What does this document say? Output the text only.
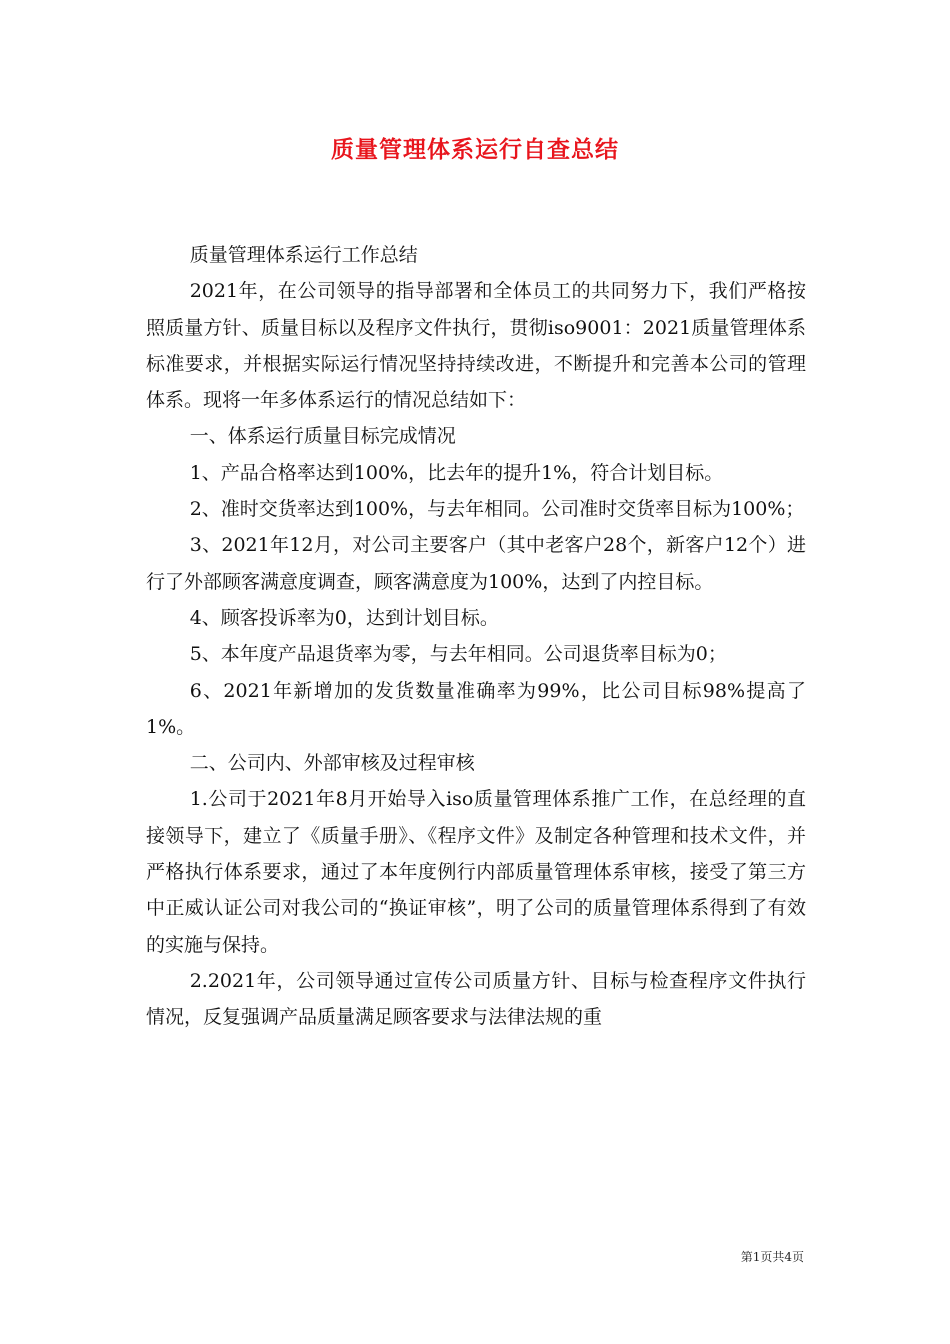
质量管理体系运行自查总结

质量管理体系运行工作总结

2021年，在公司领导的指导部署和全体员工的共同努力下，我们严格按照质量方针、质量目标以及程序文件执行，贯彻iso9001：2021质量管理体系标准要求，并根据实际运行情况坚持持续改进，不断提升和完善本公司的管理体系。现将一年多体系运行的情况总结如下：

一、体系运行质量目标完成情况

1、产品合格率达到100%，比去年的提升1%，符合计划目标。

2、准时交货率达到100%，与去年相同。公司准时交货率目标为100%；

3、2021年12月，对公司主要客户（其中老客户28个，新客户12个）进行了外部顾客满意度调查，顾客满意度为100%，达到了内控目标。

4、顾客投诉率为0，达到计划目标。

5、本年度产品退货率为零，与去年相同。公司退货率目标为0；

6、2021年新增加的发货数量准确率为99%，比公司目标98%提高了1%。

二、公司内、外部审核及过程审核

1.公司于2021年8月开始导入iso质量管理体系推广工作，在总经理的直接领导下，建立了《质量手册》、《程序文件》及制定各种管理和技术文件，并严格执行体系要求，通过了本年度例行内部质量管理体系审核，接受了第三方中正威认证公司对我公司的“换证审核”，明了公司的质量管理体系得到了有效的实施与保持。

2.2021年，公司领导通过宣传公司质量方针、目标与检查程序文件执行情况，反复强调产品质量满足顾客要求与法律法规的重

第1页共4页
